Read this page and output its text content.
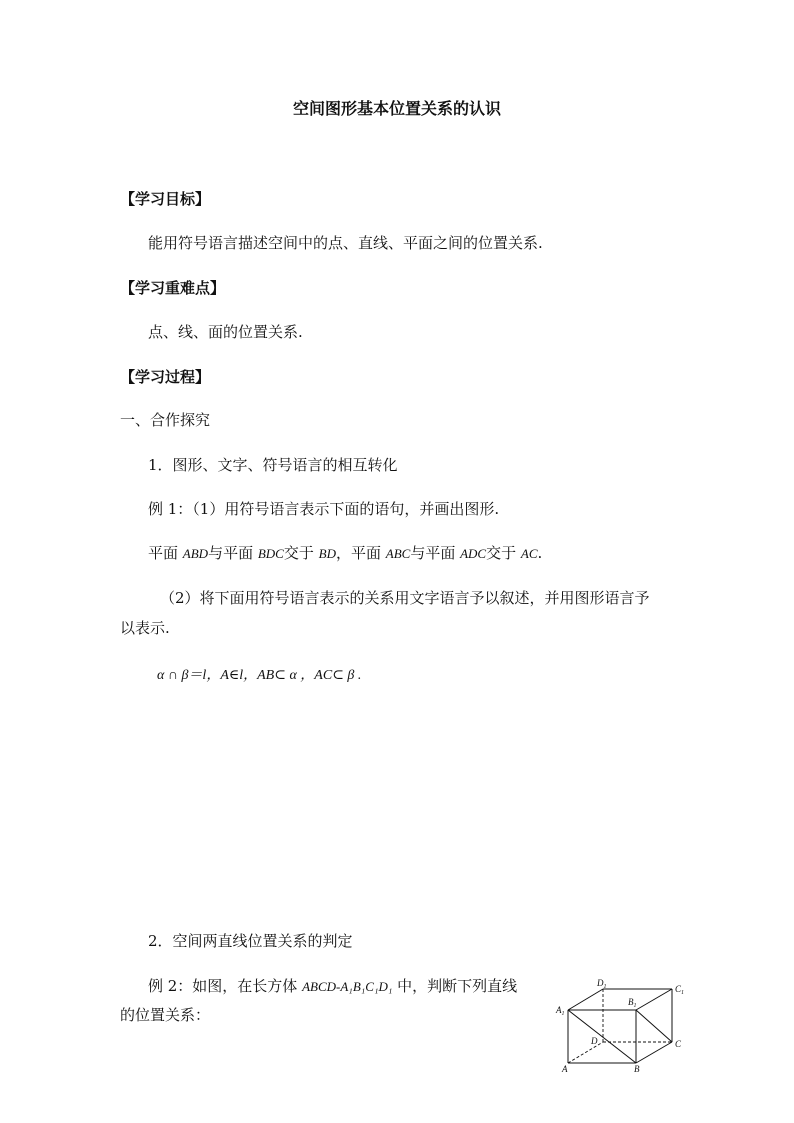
空间图形基本位置关系的认识
【学习目标】
能用符号语言描述空间中的点、直线、平面之间的位置关系.
【学习重难点】
点、线、面的位置关系.
【学习过程】
一、合作探究
1．图形、文字、符号语言的相互转化
例 1：（1）用符号语言表示下面的语句，并画出图形.
平面 ABD与平面 BDC交于 BD，平面 ABC与平面 ADC交于 AC.
（2）将下面用符号语言表示的关系用文字语言予以叙述，并用图形语言予
以表示.
α ∩ β＝l，A∈l，AB⊂ α ，AC⊂ β .
2．空间两直线位置关系的判定
例 2：如图，在长方体 ABCD-A₁B₁C₁D₁ 中，判断下列直线
的位置关系：	$A_1$
$D_1$
$B_1$
$C_1$
D	C
A	B
